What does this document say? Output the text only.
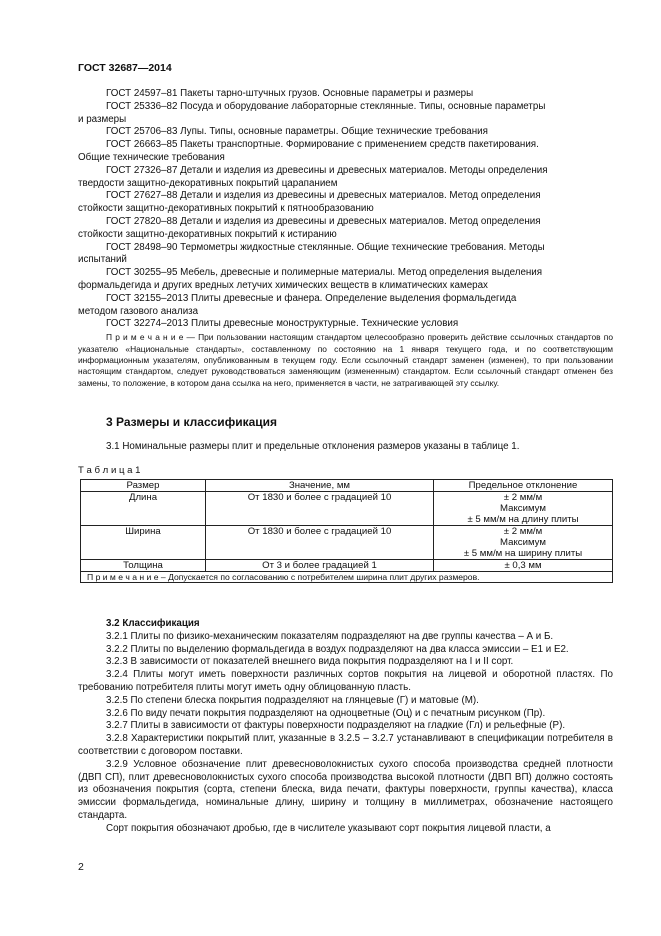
ГОСТ 32687—2014
ГОСТ 24597–81 Пакеты тарно-штучных грузов. Основные параметры и размеры
ГОСТ 25336–82 Посуда и оборудование лабораторные стеклянные. Типы, основные параметры
и размеры
ГОСТ 25706–83 Лупы. Типы, основные параметры. Общие технические требования
ГОСТ 26663–85 Пакеты транспортные. Формирование с применением средств пакетирования.
Общие технические требования
ГОСТ 27326–87 Детали и изделия из древесины и древесных материалов. Методы определения
твердости защитно-декоративных покрытий царапанием
ГОСТ 27627–88 Детали и изделия из древесины и древесных материалов. Метод определения
стойкости защитно-декоративных покрытий к пятнообразованию
ГОСТ 27820–88 Детали и изделия из древесины и древесных материалов. Метод определения
стойкости защитно-декоративных покрытий к истиранию
ГОСТ 28498–90 Термометры жидкостные стеклянные. Общие технические требования. Методы
испытаний
ГОСТ 30255–95 Мебель, древесные и полимерные материалы. Метод определения выделения
формальдегида и других вредных летучих химических веществ в климатических камерах
ГОСТ 32155–2013 Плиты древесные и фанера. Определение выделения формальдегида
методом газового анализа
ГОСТ 32274–2013 Плиты древесные моноструктурные. Технические условия
П р и м е ч а н и е — При пользовании настоящим стандартом целесообразно проверить действие ссылочных стандартов по указателю «Национальные стандарты», составленному по состоянию на 1 января текущего года, и по соответствующим информационным указателям, опубликованным в текущем году. Если ссылочный стандарт заменен (изменен), то при пользовании настоящим стандартом, следует руководствоваться заменяющим (измененным) стандартом. Если ссылочный стандарт отменен без замены, то положение, в котором дана ссылка на него, применяется в части, не затрагивающей эту ссылку.
3 Размеры и классификация
3.1 Номинальные размеры плит и предельные отклонения размеров указаны в таблице 1.
Т а б л и ц а 1
Размер	Значение, мм	Предельное отклонение
Длина	От 1830 и более с градацией 10	± 2 мм/м
Максимум
± 5 мм/м на длину плиты

Ширина	От 1830 и более с градацией 10	± 2 мм/м
Максимум
± 5 мм/м на ширину плиты

Толщина	От 3 и более градацией 1	± 0,3 мм

П р и м е ч а н и е – Допускается по согласованию с потребителем ширина плит других размеров.		
3.2 Классификация
3.2.1 Плиты по физико-механическим показателям подразделяют на две группы качества – А и Б.
3.2.2 Плиты по выделению формальдегида в воздух подразделяют на два класса эмиссии – Е1 и Е2.
3.2.3 В зависимости от показателей внешнего вида покрытия подразделяют на I и II сорт.
3.2.4 Плиты могут иметь поверхности различных сортов покрытия на лицевой и оборотной пластях. По требованию потребителя плиты могут иметь одну облицованную пласть.
3.2.5 По степени блеска покрытия подразделяют на глянцевые (Г) и матовые (М).
3.2.6 По виду печати покрытия подразделяют на одноцветные (Оц) и с печатным рисунком (Пр).
3.2.7 Плиты в зависимости от фактуры поверхности подразделяют на гладкие (Гл) и рельефные (Р).
3.2.8 Характеристики покрытий плит, указанные в 3.2.5 – 3.2.7 устанавливают в спецификации потребителя в соответствии с договором поставки.
3.2.9 Условное обозначение плит древесноволокнистых сухого способа производства средней плотности (ДВП СП), плит древесноволокнистых сухого способа производства высокой плотности (ДВП ВП) должно состоять из обозначения покрытия (сорта, степени блеска, вида печати, фактуры поверхности, группы качества), класса эмиссии формальдегида, номинальные длину, ширину и толщину в миллиметрах, обозначение настоящего стандарта.
Сорт покрытия обозначают дробью, где в числителе указывают сорт покрытия лицевой пласти, а
2
